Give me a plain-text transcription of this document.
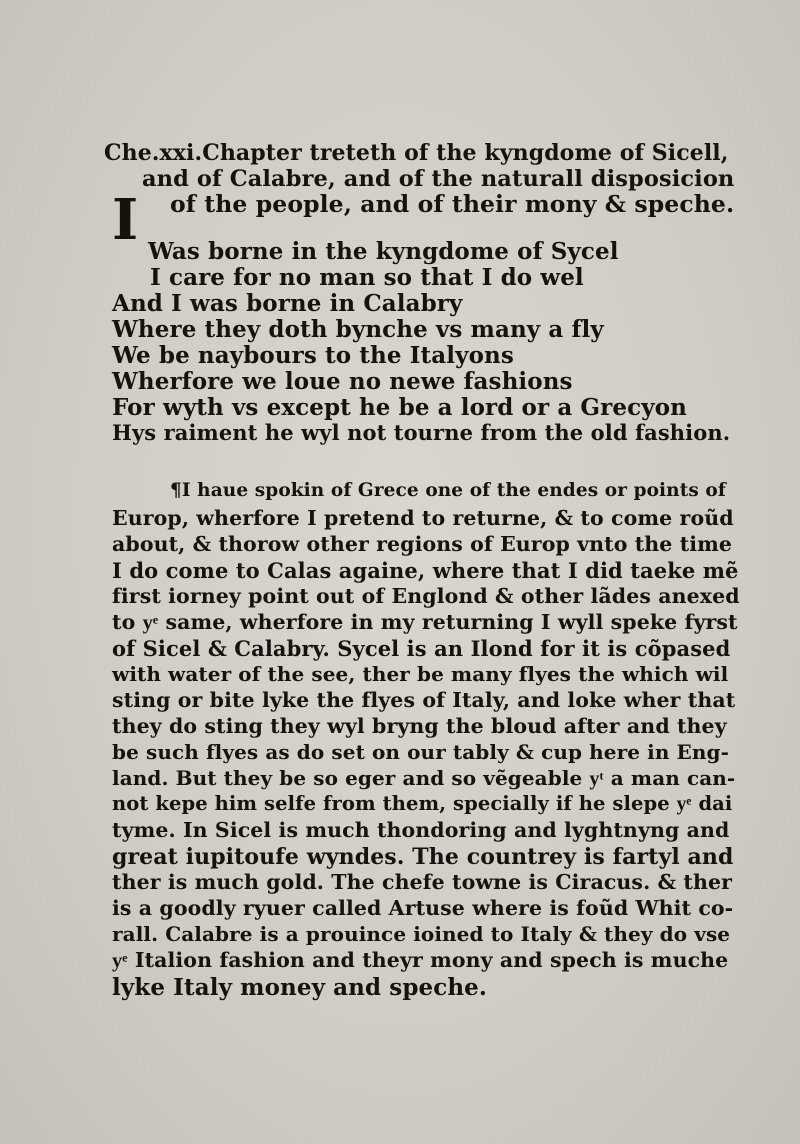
Che.xxi.Chapter treteth of the kyngdome of Sicell,
and of Calabre, and of the naturall disposicion
of the people, and of their mony & speche.
I Was borne in the kyngdome of Sycel
I care for no man so that I do wel
And I was borne in Calabry
Where they doth bynche vs many a fly
We be naybours to the Italyons
Wherfore we loue no newe fashions
For wyth vs except he be a lord or a Grecyon
Hys raiment he wyl not tourne from the old fashion.
¶I haue spokin of Grece one of the endes or points of
Europ, wherfore I pretend to returne, & to come roũd
about, & thorow other regions of Europ vnto the time
I do come to Calas againe, where that I did taeke mẽ
first iorney point out of Englond & other lãdes anexed
to yͤ same, wherfore in my returning I wyll speke fyrst
of Sicel & Calabry. Sycel is an Ilond for it is cõpased
with water of the see, ther be many flyes the which wil
sting or bite lyke the flyes of Italy, and loke wher that
they do sting they wyl bryng the bloud after and they
be such flyes as do set on our tably & cup here in Eng-
land. But they be so eger and so vẽgeable yͭ a man can-
not kepe him selfe from them, specially if he slepe yͤ dai
tyme. In Sicel is much thondoring and lyghtnyng and
great iupitoufe wyndes. The countrey is fartyl and
ther is much gold. The chefe towne is Ciracus. & ther
is a goodly ryuer called Artuse where is foũd Whit co-
rall. Calabre is a prouince ioined to Italy & they do vse
yͤ Italion fashion and theyr mony and spech is muche
lyke Italy money and speche.
